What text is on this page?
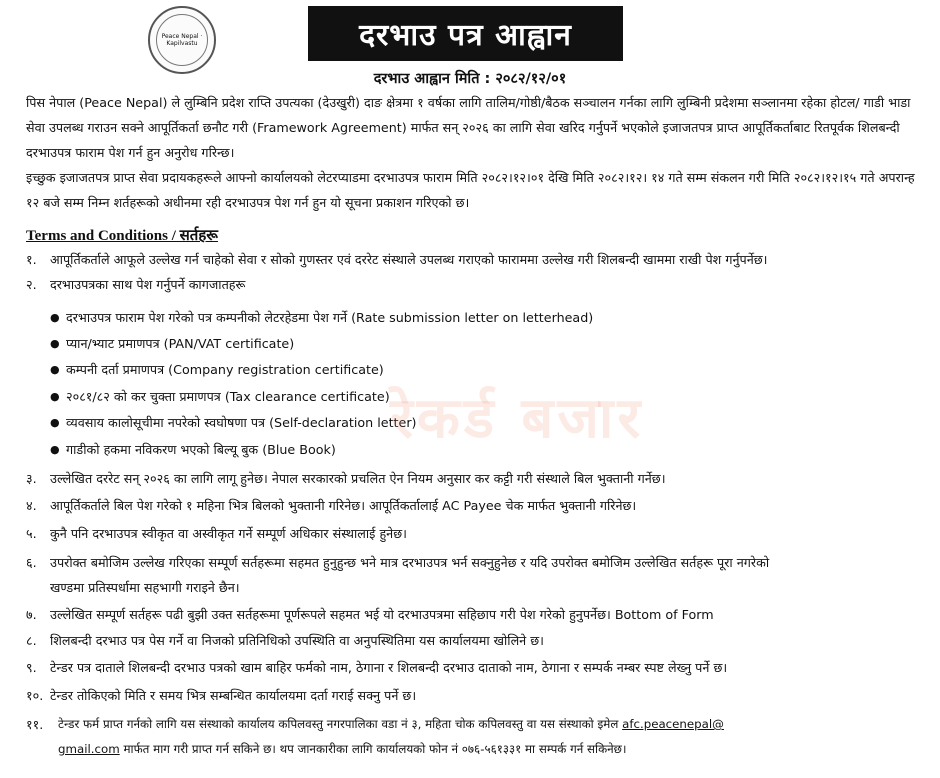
Peace Nepal · Kapilvastu	दरभाउ पत्र आह्वान
दरभाउ आह्वान मिति : २०८२/१२/०१
पिस नेपाल (Peace Nepal) ले लुम्बिनि प्रदेश राप्ति उपत्यका (देउखुरी) दाङ क्षेत्रमा १ वर्षका लागि तालिम/गोष्ठी/बैठक सञ्चालन गर्नका लागि लुम्बिनी प्रदेशमा सञ्लानमा रहेका होटल/ गाडी भाडा सेवा उपलब्ध गराउन सक्ने आपूर्तिकर्ता छनौट गरी (Framework Agreement) मार्फत सन् २०२६ का लागि सेवा खरिद गर्नुपर्ने भएकोले इजाजतपत्र प्राप्त आपूर्तिकर्ताबाट रितपूर्वक शिलबन्दी दरभाउपत्र फाराम पेश गर्न हुन अनुरोध गरिन्छ।
इच्छुक इजाजतपत्र प्राप्त सेवा प्रदायकहरूले आफ्नो कार्यालयको लेटरप्याडमा दरभाउपत्र फाराम मिति २०८२।१२।०१ देखि मिति २०८२।१२। १४ गते सम्म संकलन गरी मिति २०८२।१२।१५ गते अपरान्ह १२ बजे सम्म निम्न शर्तहरूको अधीनमा रही दरभाउपत्र पेश गर्न हुन यो सूचना प्रकाशन गरिएको छ।
Terms and Conditions / सर्तहरू
१. आपूर्तिकर्ताले आफूले उल्लेख गर्न चाहेको सेवा र सोको गुणस्तर एवं दररेट संस्थाले उपलब्ध गराएको फाराममा उल्लेख गरी शिलबन्दी खाममा राखी पेश गर्नुपर्नेछ।
२. दरभाउपत्रका साथ पेश गर्नुपर्ने कागजातहरू
● दरभाउपत्र फाराम पेश गरेको पत्र कम्पनीको लेटरहेडमा पेश गर्ने (Rate submission letter on letterhead)
● प्यान/भ्याट प्रमाणपत्र (PAN/VAT certificate)
● कम्पनी दर्ता प्रमाणपत्र (Company registration certificate)
● २०८१/८२ को कर चुक्ता प्रमाणपत्र (Tax clearance certificate)
● व्यवसाय कालोसूचीमा नपरेको स्वघोषणा पत्र (Self-declaration letter)
● गाडीको हकमा नविकरण भएको बिल्यू बुक (Blue Book) रेकर्ड बजार
३. उल्लेखित दररेट सन् २०२६ का लागि लागू हुनेछ। नेपाल सरकारको प्रचलित ऐन नियम अनुसार कर कट्टी गरी संस्थाले बिल भुक्तानी गर्नेछ।
४. आपूर्तिकर्ताले बिल पेश गरेको १ महिना भित्र बिलको भुक्तानी गरिनेछ। आपूर्तिकर्तालाई AC Payee चेक मार्फत भुक्तानी गरिनेछ।
५. कुनै पनि दरभाउपत्र स्वीकृत वा अस्वीकृत गर्ने सम्पूर्ण अधिकार संस्थालाई हुनेछ।
६. उपरोक्त बमोजिम उल्लेख गरिएका सम्पूर्ण सर्तहरूमा सहमत हुनुहुन्छ भने मात्र दरभाउपत्र भर्न सक्नुहुनेछ र यदि उपरोक्त बमोजिम उल्लेखित सर्तहरू पूरा नगरेको
खण्डमा प्रतिस्पर्धामा सहभागी गराइने छैन।
७. उल्लेखित सम्पूर्ण सर्तहरू पढी बुझी उक्त सर्तहरूमा पूर्णरूपले सहमत भई यो दरभाउपत्रमा सहिछाप गरी पेश गरेको हुनुपर्नेछ। Bottom of Form
८. शिलबन्दी दरभाउ पत्र पेस गर्ने वा निजको प्रतिनिधिको उपस्थिति वा अनुपस्थितिमा यस कार्यालयमा खोलिने छ।
९. टेन्डर पत्र दाताले शिलबन्दी दरभाउ पत्रको खाम बाहिर फर्मको नाम, ठेगाना र शिलबन्दी दरभाउ दाताको नाम, ठेगाना र सम्पर्क नम्बर स्पष्ट लेख्नु पर्ने छ।
१०. टेन्डर तोकिएको मिति र समय भित्र सम्बन्धित कार्यालयमा दर्ता गराई सक्नु पर्ने छ।
११. टेन्डर फर्म प्राप्त गर्नको लागि यस संस्थाको कार्यालय कपिलवस्तु नगरपालिका वडा नं ३, महिता चोक कपिलवस्तु वा यस संस्थाको इमेल afc.peacenepal@
gmail.com मार्फत माग गरी प्राप्त गर्न सकिने छ। थप जानकारीका लागि कार्यालयको फोन नं ०७६-५६१३३१ मा सम्पर्क गर्न सकिनेछ।
